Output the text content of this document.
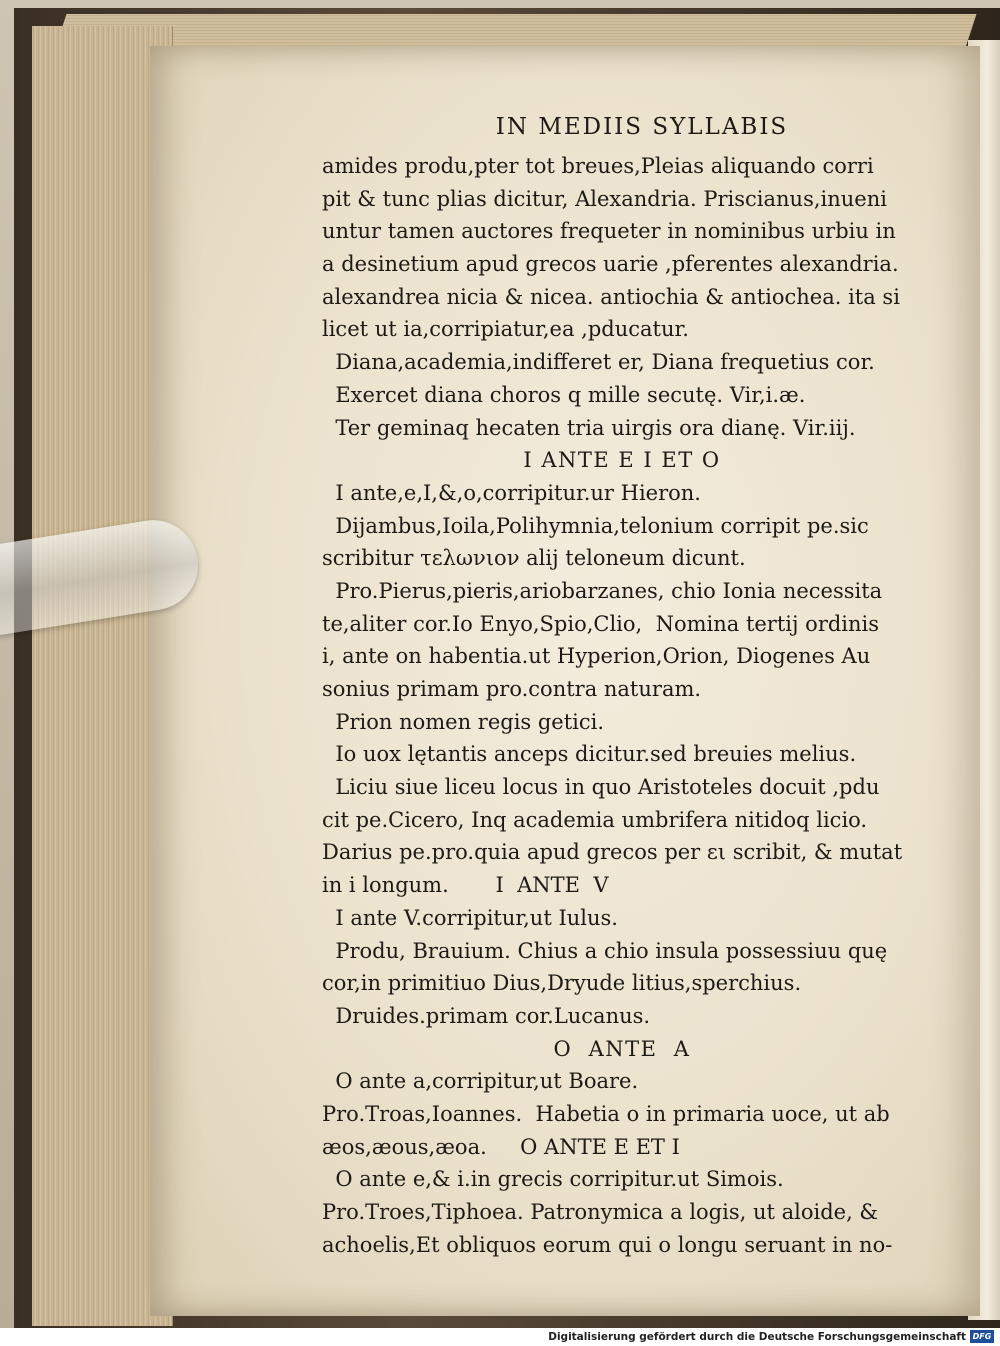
IN MEDIIS SYLLABIS
amides produ,pter tot breues,Pleias aliquando corri
pit & tunc plias dicitur, Alexandria. Priscianus,inueni
untur tamen auctores frequeter in nominibus urbiu in
a desinetium apud grecos uarie ,pferentes alexandria.
alexandrea nicia & nicea. antiochia & antiochea. ita si
licet ut ia,corripiatur,ea ,pducatur.
Diana,academia,indifferet er, Diana frequetius cor.
Exercet diana choros q mille secutę. Vir,i.æ.
Ter geminaq hecaten tria uirgis ora dianę. Vir.iij.
I ANTE E I ET O
I ante,e,I,&,o,corripitur.ur Hieron.
Dijambus,Ioila,Polihymnia,telonium corripit pe.sic
scribitur τελωνιον alij teloneum dicunt.
Pro.Pierus,pieris,ariobarzanes, chio Ionia necessita
te,aliter cor.Io Enyo,Spio,Clio,  Nomina tertij ordinis
i, ante on habentia.ut Hyperion,Orion, Diogenes Au
sonius primam pro.contra naturam.
Prion nomen regis getici.
Io uox lętantis anceps dicitur.sed breuies melius.
Liciu siue liceu locus in quo Aristoteles docuit ,pdu
cit pe.Cicero, Inq academia umbrifera nitidoq licio.
Darius pe.pro.quia apud grecos per ει scribit, & mutat
in i longum.       I  ANTE  V
I ante V.corripitur,ut Iulus.
Produ, Brauium. Chius a chio insula possessiuu quę
cor,in primitiuo Dius,Dryude litius,sperchius.
Druides.primam cor.Lucanus.
O  ANTE  A
O ante a,corripitur,ut Boare.
Pro.Troas,Ioannes.  Habetia o in primaria uoce, ut ab
æos,æous,æoa.     O ANTE E ET I
O ante e,& i.in grecis corripitur.ut Simois.
Pro.Troes,Tiphoea. Patronymica a logis, ut aloide, &
achoelis,Et obliquos eorum qui o longu seruant in no-
Digitalisierung gefördert durch die Deutsche Forschungsgemeinschaft DFG
